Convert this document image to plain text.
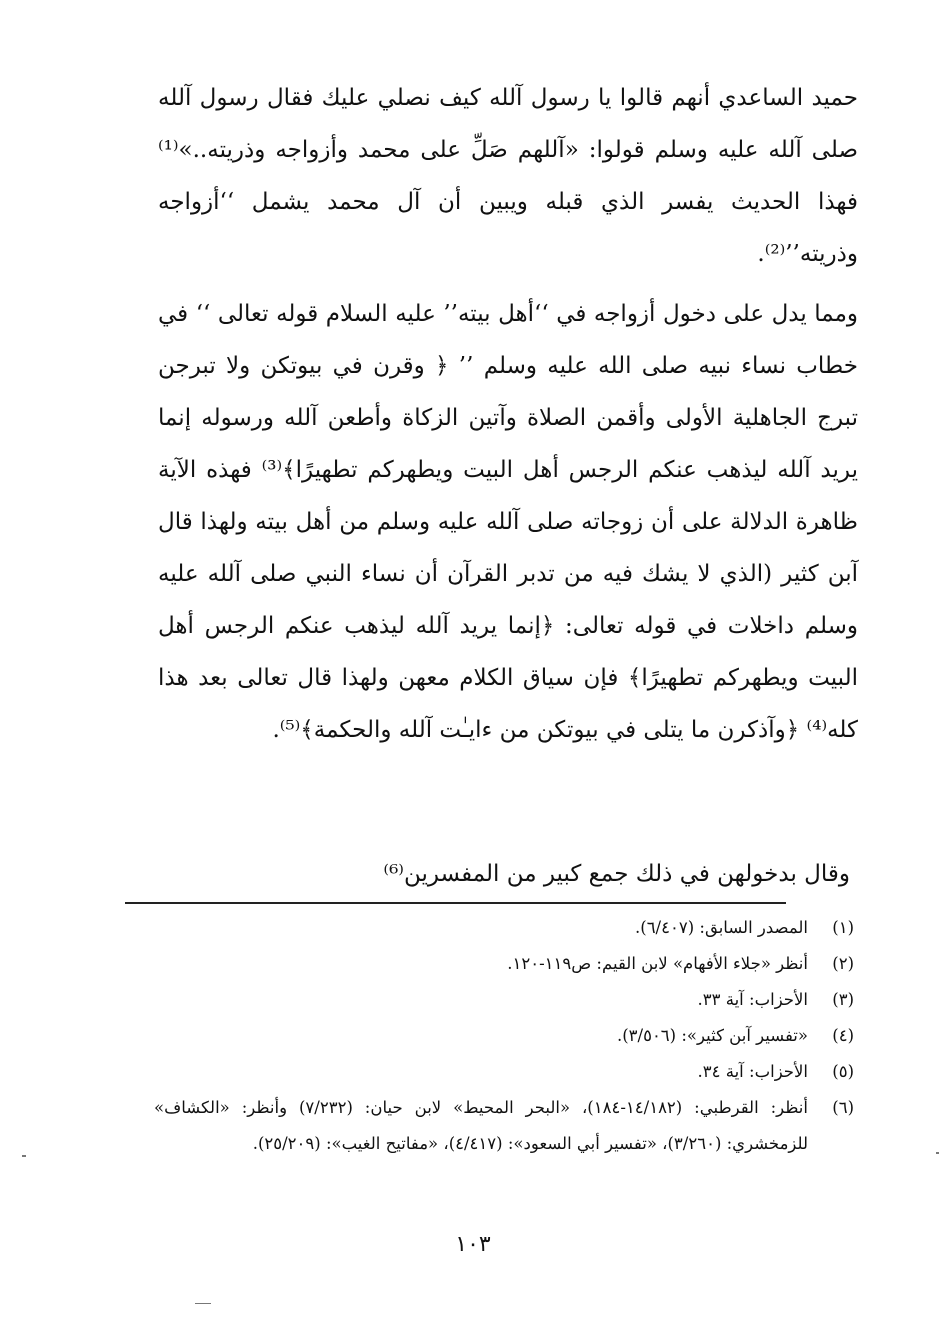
حميد الساعدي أنهم قالوا يا رسول آلله كيف نصلي عليك فقال رسول آلله صلى آلله عليه وسلم قولوا: «آللهم صَلِّ على محمد وأزواجه وذريته..»⁽¹⁾ فهذا الحديث يفسر الذي قبله ويبين أن آل محمد يشمل ‘‘أزواجه وذريته’’⁽²⁾.
ومما يدل على دخول أزواجه في ‘‘أهل بيته’’ عليه السلام قوله تعالى ‘‘ في خطاب نساء نبيه صلى الله عليه وسلم ’’ ﴿ وقرن في بيوتكن ولا تبرجن تبرج الجاهلية الأولى وأقمن الصلاة وآتين الزكاة وأطعن آلله ورسوله إنما يريد آلله ليذهب عنكم الرجس أهل البيت ويطهركم تطهيرًا﴾⁽³⁾ فهذه الآية ظاهرة الدلالة على أن زوجاته صلى آلله عليه وسلم من أهل بيته ولهذا قال آبن كثير (الذي لا يشك فيه من تدبر القرآن أن نساء النبي صلى آلله عليه وسلم داخلات في قوله تعالى: ﴿إنما يريد آلله ليذهب عنكم الرجس أهل البيت ويطهركم تطهيرًا﴾ فإن سياق الكلام معهن ولهذا قال تعالى بعد هذا كله⁽⁴⁾ ﴿وآذكرن ما يتلى في بيوتكن من ءايـٰت آلله والحكمة﴾⁽⁵⁾.
وقال بدخولهن في ذلك جمع كبير من المفسرين⁽⁶⁾
(١)
المصدر السابق: (٦/٤٠٧).
(٢)
أنظر «جلاء الأفهام» لابن القيم: ص١١٩-١٢٠.
(٣)
الأحزاب: آية ٣٣.
(٤)
«تفسير آبن كثير»: (٣/٥٠٦).
(٥)
الأحزاب: آية ٣٤.
(٦)
أنظر: القرطبي: (١٤/١٨٢-١٨٤)، «البحر المحيط» لابن حيان: (٧/٢٣٢) وأنظر: «الكشاف» للزمخشري: (٣/٢٦٠)، «تفسير أبي السعود»: (٤/٤١٧)، «مفاتيح الغيب»: (٢٥/٢٠٩).
١٠٣
